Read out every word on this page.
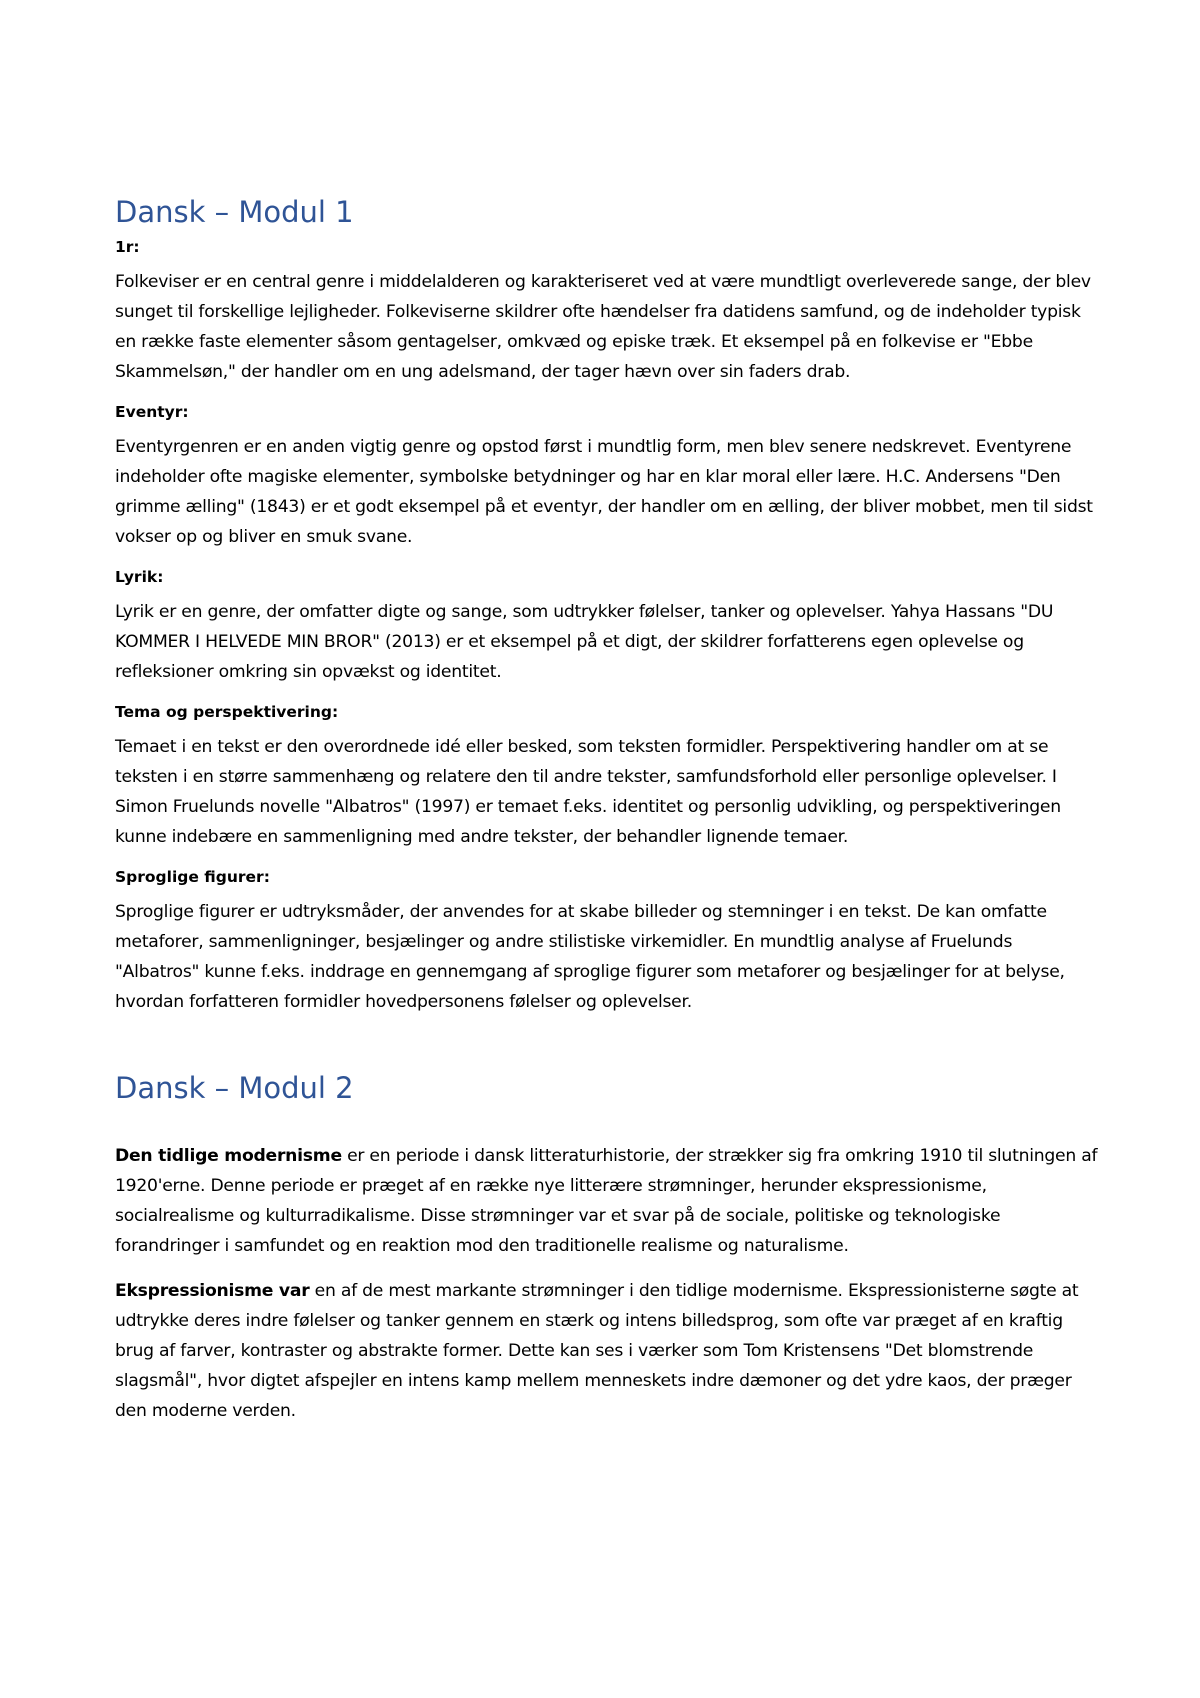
Dansk – Modul 1
1r:

Folkeviser er en central genre i middelalderen og karakteriseret ved at være mundtligt overleverede sange, der blev sunget til forskellige lejligheder. Folkeviserne skildrer ofte hændelser fra datidens samfund, og de indeholder typisk en række faste elementer såsom gentagelser, omkvæd og episke træk. Et eksempel på en folkevise er "Ebbe Skammelsøn," der handler om en ung adelsmand, der tager hævn over sin faders drab.

Eventyr:

Eventyrgenren er en anden vigtig genre og opstod først i mundtlig form, men blev senere nedskrevet. Eventyrene indeholder ofte magiske elementer, symbolske betydninger og har en klar moral eller lære. H.C. Andersens "Den grimme ælling" (1843) er et godt eksempel på et eventyr, der handler om en ælling, der bliver mobbet, men til sidst vokser op og bliver en smuk svane.

Lyrik:

Lyrik er en genre, der omfatter digte og sange, som udtrykker følelser, tanker og oplevelser. Yahya Hassans "DU KOMMER I HELVEDE MIN BROR" (2013) er et eksempel på et digt, der skildrer forfatterens egen oplevelse og refleksioner omkring sin opvækst og identitet.

Tema og perspektivering:

Temaet i en tekst er den overordnede idé eller besked, som teksten formidler. Perspektivering handler om at se teksten i en større sammenhæng og relatere den til andre tekster, samfundsforhold eller personlige oplevelser. I Simon Fruelunds novelle "Albatros" (1997) er temaet f.eks. identitet og personlig udvikling, og perspektiveringen kunne indebære en sammenligning med andre tekster, der behandler lignende temaer.

Sproglige figurer:

Sproglige figurer er udtryksmåder, der anvendes for at skabe billeder og stemninger i en tekst. De kan omfatte metaforer, sammenligninger, besjælinger og andre stilistiske virkemidler. En mundtlig analyse af Fruelunds "Albatros" kunne f.eks. inddrage en gennemgang af sproglige figurer som metaforer og besjælinger for at belyse, hvordan forfatteren formidler hovedpersonens følelser og oplevelser.

Dansk – Modul 2

Den tidlige modernisme er en periode i dansk litteraturhistorie, der strækker sig fra omkring 1910 til slutningen af 1920'erne. Denne periode er præget af en række nye litterære strømninger, herunder ekspressionisme, socialrealisme og kulturradikalisme. Disse strømninger var et svar på de sociale, politiske og teknologiske forandringer i samfundet og en reaktion mod den traditionelle realisme og naturalisme.

Ekspressionisme var en af de mest markante strømninger i den tidlige modernisme. Ekspressionisterne søgte at udtrykke deres indre følelser og tanker gennem en stærk og intens billedsprog, som ofte var præget af en kraftig brug af farver, kontraster og abstrakte former. Dette kan ses i værker som Tom Kristensens "Det blomstrende slagsmål", hvor digtet afspejler en intens kamp mellem menneskets indre dæmoner og det ydre kaos, der præger den moderne verden.
